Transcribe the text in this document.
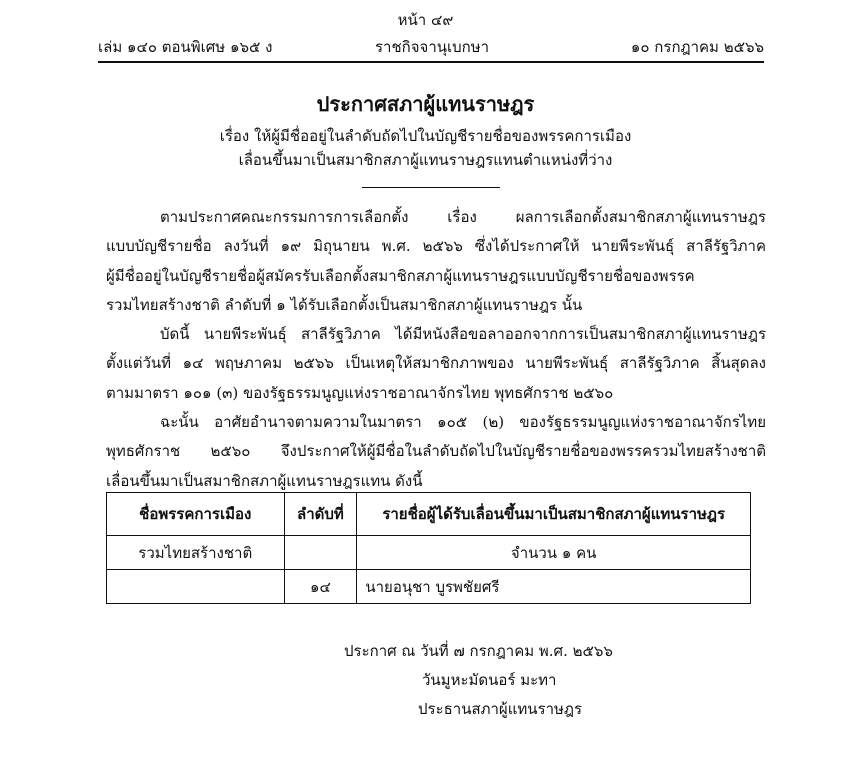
หน้า ๔๙
เล่ม ๑๔๐ ตอนพิเศษ ๑๖๕ ง	ราชกิจจานุเบกษา	๑๐ กรกฎาคม ๒๕๖๖
ประกาศสภาผู้แทนราษฎร
เรื่อง ให้ผู้มีชื่ออยู่ในลำดับถัดไปในบัญชีรายชื่อของพรรคการเมือง
เลื่อนขึ้นมาเป็นสมาชิกสภาผู้แทนราษฎรแทนตำแหน่งที่ว่าง
ตามประกาศคณะกรรมการการเลือกตั้ง เรื่อง ผลการเลือกตั้งสมาชิกสภาผู้แทนราษฎร
แบบบัญชีรายชื่อ ลงวันที่ ๑๙ มิถุนายน พ.ศ. ๒๕๖๖ ซึ่งได้ประกาศให้ นายพีระพันธุ์ สาลีรัฐวิภาค
ผู้มีชื่ออยู่ในบัญชีรายชื่อผู้สมัครรับเลือกตั้งสมาชิกสภาผู้แทนราษฎรแบบบัญชีรายชื่อของพรรค
รวมไทยสร้างชาติ ลำดับที่ ๑ ได้รับเลือกตั้งเป็นสมาชิกสภาผู้แทนราษฎร นั้น
บัดนี้ นายพีระพันธุ์ สาลีรัฐวิภาค ได้มีหนังสือขอลาออกจากการเป็นสมาชิกสภาผู้แทนราษฎร
ตั้งแต่วันที่ ๑๔ พฤษภาคม ๒๕๖๖ เป็นเหตุให้สมาชิกภาพของ นายพีระพันธุ์ สาลีรัฐวิภาค สิ้นสุดลง
ตามมาตรา ๑๐๑ (๓) ของรัฐธรรมนูญแห่งราชอาณาจักรไทย พุทธศักราช ๒๕๖๐
ฉะนั้น อาศัยอำนาจตามความในมาตรา ๑๐๕ (๒) ของรัฐธรรมนูญแห่งราชอาณาจักรไทย
พุทธศักราช ๒๕๖๐ จึงประกาศให้ผู้มีชื่อในลำดับถัดไปในบัญชีรายชื่อของพรรครวมไทยสร้างชาติ
เลื่อนขึ้นมาเป็นสมาชิกสภาผู้แทนราษฎรแทน ดังนี้
ชื่อพรรคการเมือง	ลำดับที่	รายชื่อผู้ได้รับเลื่อนขึ้นมาเป็นสมาชิกสภาผู้แทนราษฎร
รวมไทยสร้างชาติ		จำนวน ๑ คน
	๑๔	นายอนุชา บูรพชัยศรี
ประกาศ ณ วันที่ ๗ กรกฎาคม พ.ศ. ๒๕๖๖
วันมูหะมัดนอร์ มะทา
ประธานสภาผู้แทนราษฎร
